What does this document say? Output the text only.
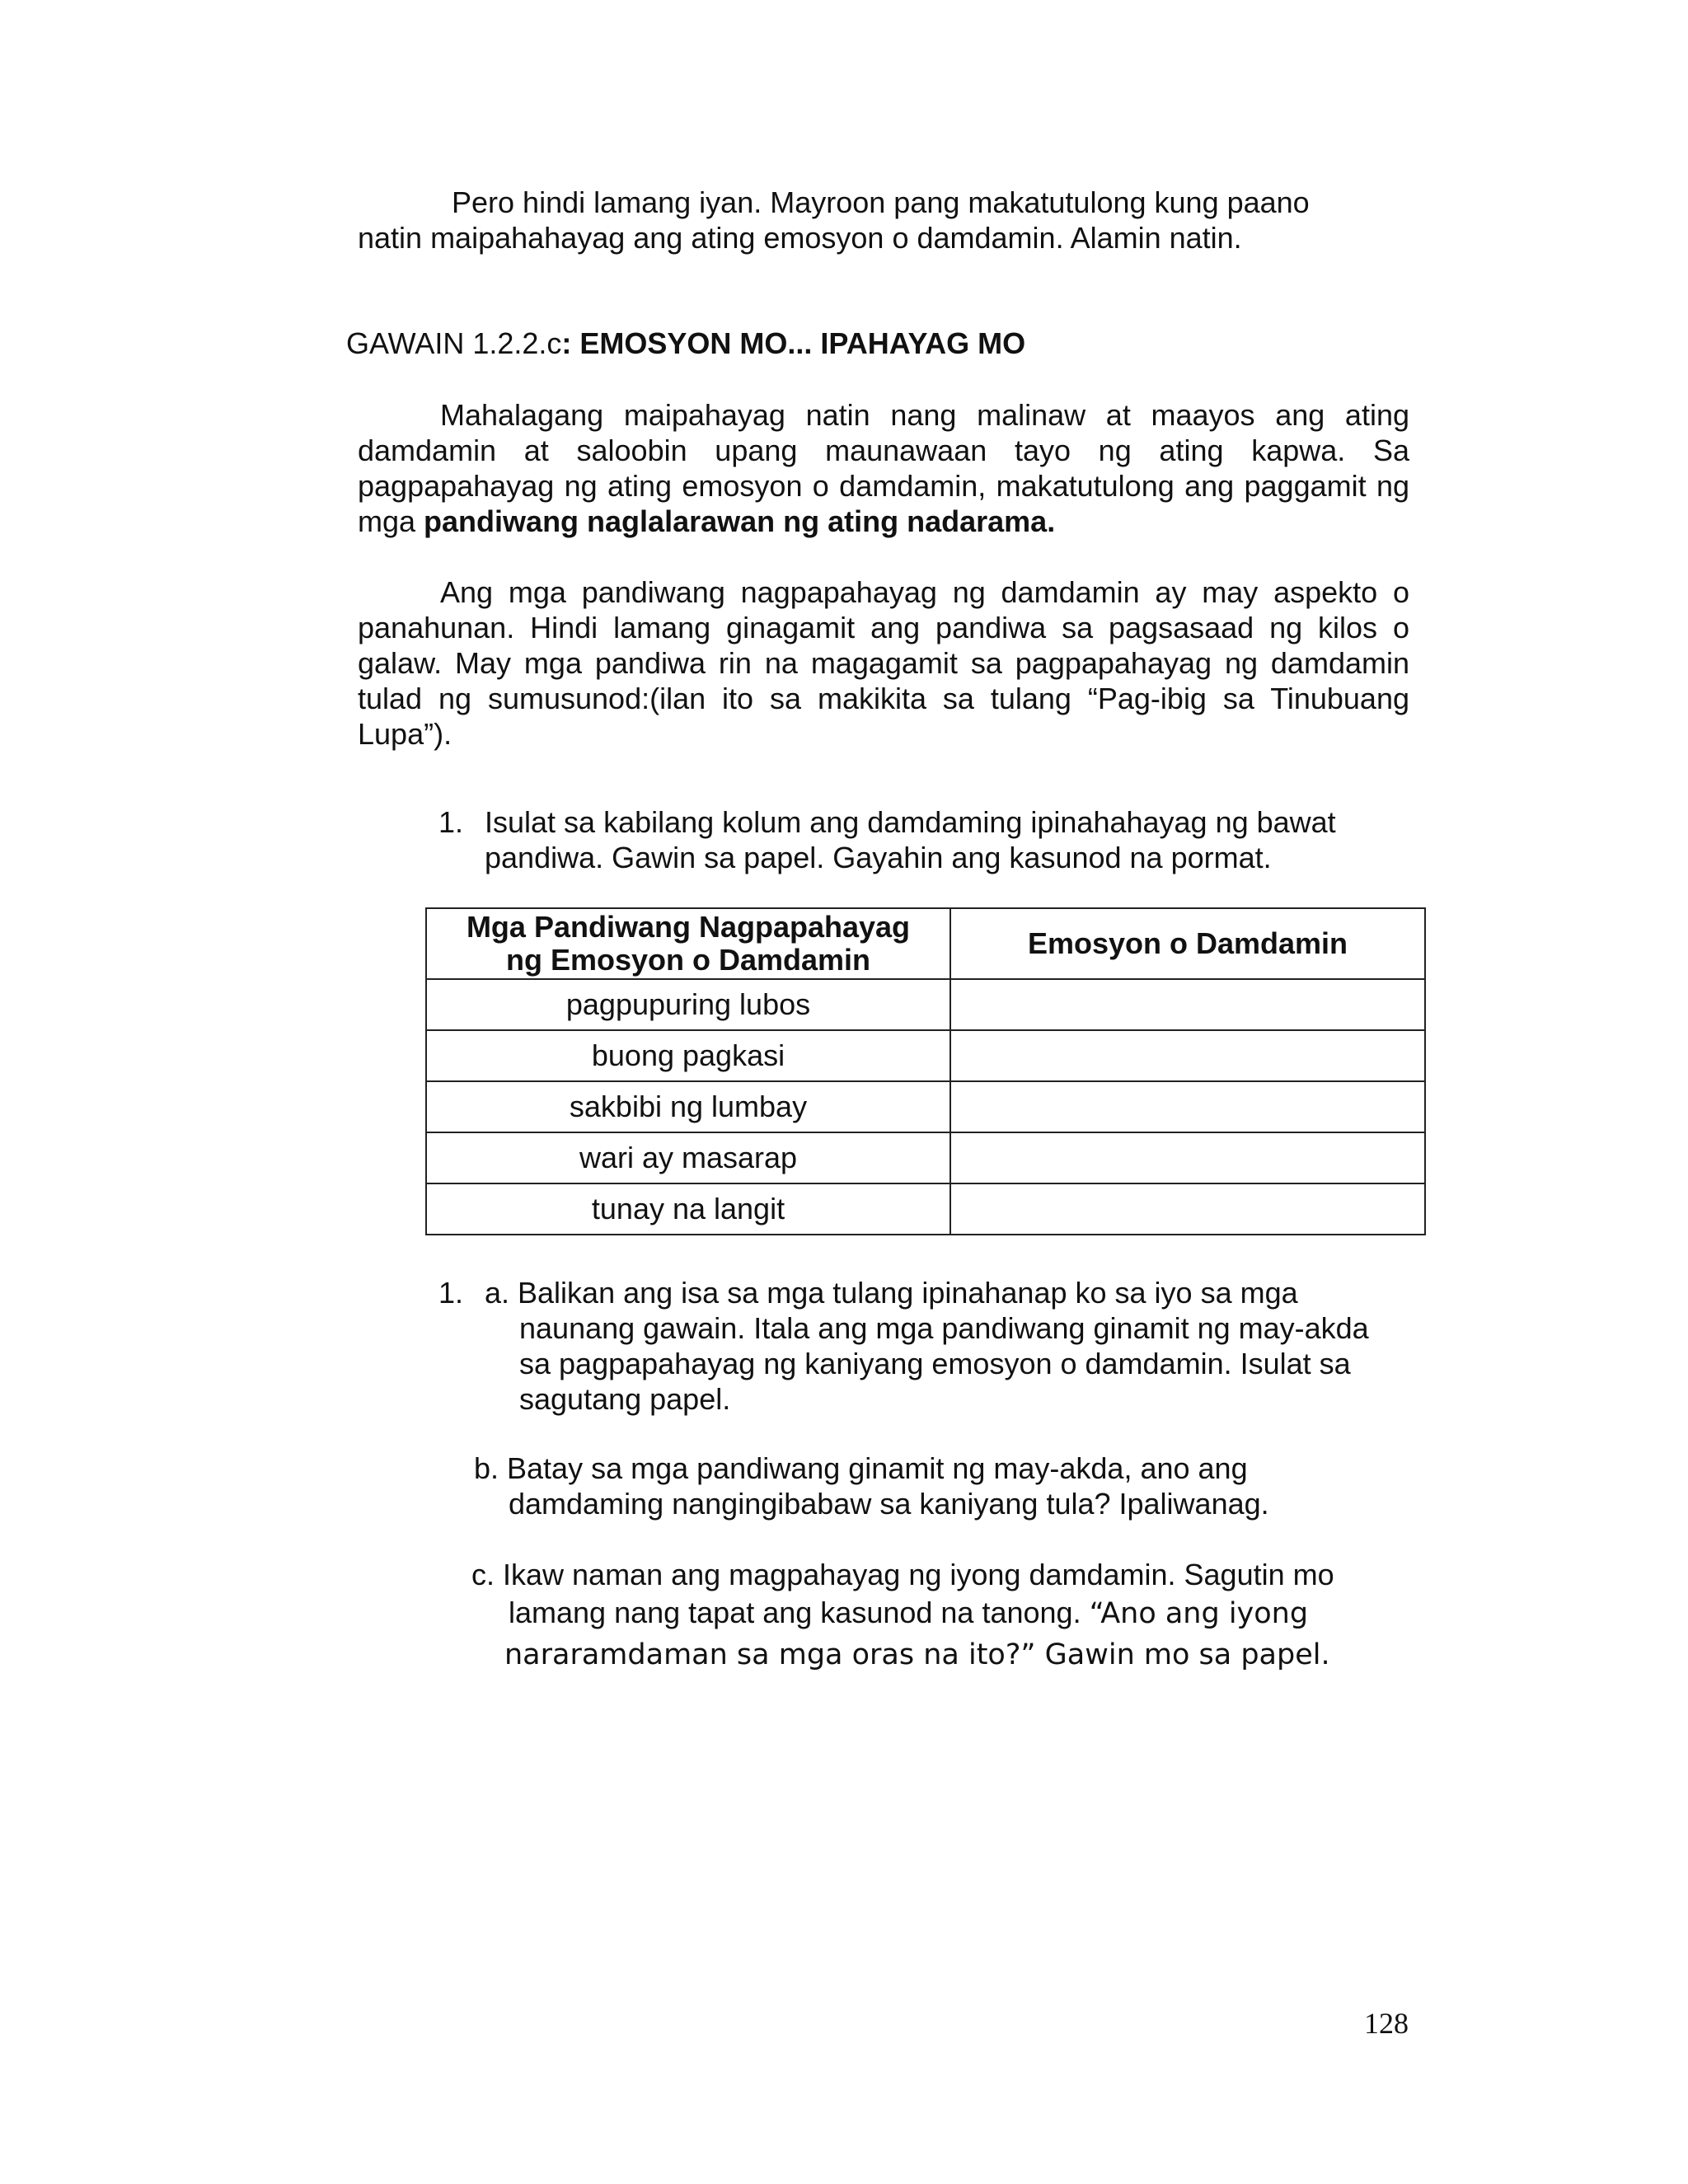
Pero hindi lamang iyan. Mayroon pang makatutulong kung paano
natin maipahahayag ang ating emosyon o damdamin. Alamin natin.
GAWAIN 1.2.2.c: EMOSYON MO... IPAHAYAG MO
Mahalagang maipahayag natin nang malinaw at maayos ang ating damdamin at saloobin upang maunawaan tayo ng ating kapwa. Sa pagpapahayag ng ating emosyon o damdamin, makatutulong ang paggamit ng mga pandiwang naglalarawan ng ating nadarama.
Ang mga pandiwang nagpapahayag ng damdamin ay may aspekto o panahunan. Hindi lamang ginagamit ang pandiwa sa pagsasaad ng kilos o galaw. May mga pandiwa rin na magagamit sa pagpapahayag ng damdamin tulad ng sumusunod:(ilan ito sa makikita sa tulang “Pag-ibig sa Tinubuang Lupa”).
1. Isulat sa kabilang kolum ang damdaming ipinahahayag ng bawat
pandiwa. Gawin sa papel. Gayahin ang kasunod na pormat.
Mga Pandiwang Nagpapahayag
ng Emosyon o Damdamin	Emosyon o Damdamin
pagpupuring lubos	
buong pagkasi	
sakbibi ng lumbay	
wari ay masarap	
tunay na langit	
1. a. Balikan ang isa sa mga tulang ipinahanap ko sa iyo sa mga
naunang gawain. Itala ang mga pandiwang ginamit ng may-akda
sa pagpapahayag ng kaniyang emosyon o damdamin. Isulat sa
sagutang papel.
b. Batay sa mga pandiwang ginamit ng may-akda, ano ang
damdaming nangingibabaw sa kaniyang tula? Ipaliwanag.
c. Ikaw naman ang magpahayag ng iyong damdamin. Sagutin mo
lamang nang tapat ang kasunod na tanong. “Ano ang iyong
nararamdaman sa mga oras na ito?” Gawin mo sa papel.
128
